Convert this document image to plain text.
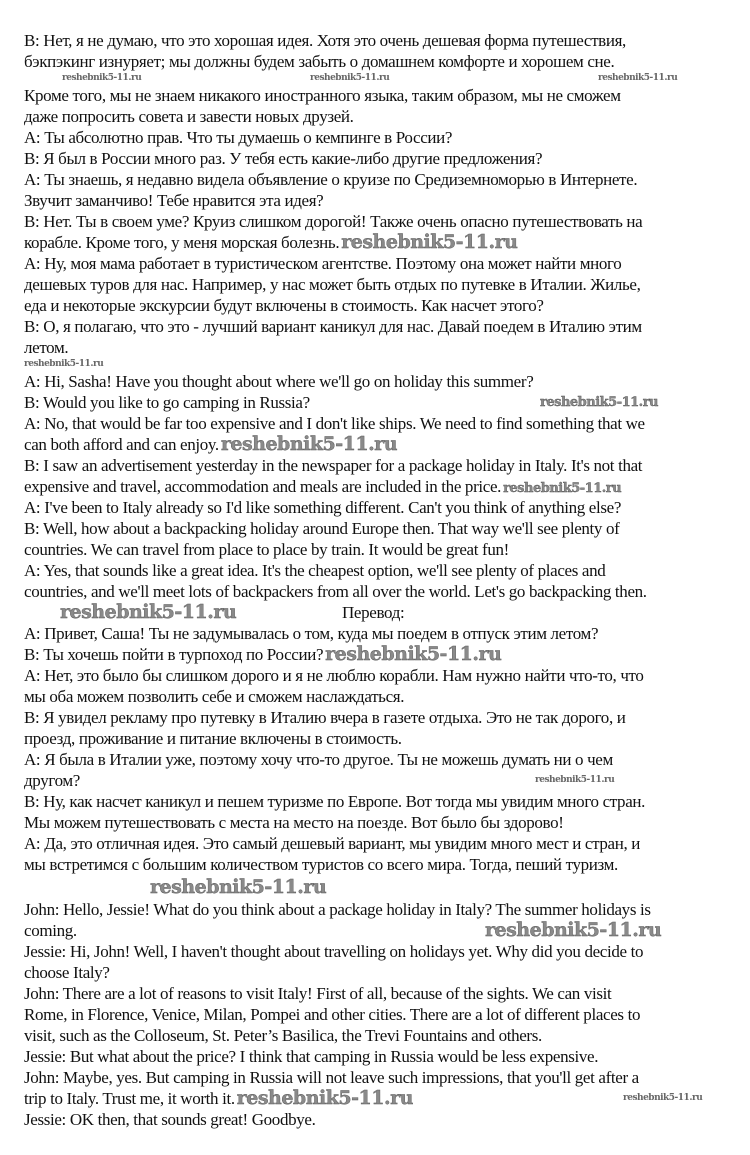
B: Нет, я не думаю, что это хорошая идея. Хотя это очень дешевая форма путешествия,
бэкпэкинг изнуряет; мы должны будем забыть о домашнем комфорте и хорошем сне.
reshebnik5-11.ru	reshebnik5-11.ru	reshebnik5-11.ru
Кроме того, мы не знаем никакого иностранного языка, таким образом, мы не сможем
даже попросить совета и завести новых друзей.
A: Ты абсолютно прав. Что ты думаешь о кемпинге в России?
B: Я был в России много раз. У тебя есть какие-либо другие предложения?
A: Ты знаешь, я недавно видела объявление о круизе по Средиземноморью в Интернете.
Звучит заманчиво! Тебе нравится эта идея?
B: Нет. Ты в своем уме? Круиз слишком дорогой! Также очень опасно путешествовать на
корабле. Кроме того, у меня морская болезнь. reshebnik5-11.ru
A: Ну, моя мама работает в туристическом агентстве. Поэтому она может найти много
дешевых туров для нас. Например, у нас может быть отдых по путевке в Италии. Жилье,
еда и некоторые экскурсии будут включены в стоимость. Как насчет этого?
B: О, я полагаю, что это - лучший вариант каникул для нас. Давай поедем в Италию этим
летом.
reshebnik5-11.ru
A: Hi, Sasha! Have you thought about where we'll go on holiday this summer?
B: Would you like to go camping in Russia?	reshebnik5-11.ru
A: No, that would be far too expensive and I don't like ships. We need to find something that we
can both afford and can enjoy. reshebnik5-11.ru
B: I saw an advertisement yesterday in the newspaper for a package holiday in Italy. It's not that
expensive and travel, accommodation and meals are included in the price. reshebnik5-11.ru
A: I've been to Italy already so I'd like something different. Can't you think of anything else?
B: Well, how about a backpacking holiday around Europe then. That way we'll see plenty of
countries. We can travel from place to place by train. It would be great fun!
A: Yes, that sounds like a great idea. It's the cheapest option, we'll see plenty of places and
countries, and we'll meet lots of backpackers from all over the world. Let's go backpacking then.
reshebnik5-11.ru	Перевод:
A: Привет, Саша! Ты не задумывалась о том, куда мы поедем в отпуск этим летом?
B: Ты хочешь пойти в турпоход по России? reshebnik5-11.ru
A: Нет, это было бы слишком дорого и я не люблю корабли. Нам нужно найти что-то, что
мы оба можем позволить себе и сможем наслаждаться.
B: Я увидел рекламу про путевку в Италию вчера в газете отдыха. Это не так дорого, и
проезд, проживание и питание включены в стоимость.
A: Я была в Италии уже, поэтому хочу что-то другое. Ты не можешь думать ни о чем
другом?	reshebnik5-11.ru
B: Ну, как насчет каникул и пешем туризме по Европе. Вот тогда мы увидим много стран.
Мы можем путешествовать с места на место на поезде. Вот было бы здорово!
A: Да, это отличная идея. Это самый дешевый вариант, мы увидим много мест и стран, и
мы встретимся с большим количеством туристов со всего мира. Тогда, пеший туризм.
reshebnik5-11.ru
John: Hello, Jessie! What do you think about a package holiday in Italy? The summer holidays is
coming.	reshebnik5-11.ru
Jessie: Hi, John! Well, I haven't thought about travelling on holidays yet. Why did you decide to
choose Italy?
John: There are a lot of reasons to visit Italy! First of all, because of the sights. We can visit
Rome, in Florence, Venice, Milan, Pompei and other cities. There are a lot of different places to
visit, such as the Colloseum, St. Peter’s Basilica, the Trevi Fountains and others.
Jessie: But what about the price? I think that camping in Russia would be less expensive.
John: Maybe, yes. But camping in Russia will not leave such impressions, that you'll get after a
trip to Italy. Trust me, it worth it. reshebnik5-11.ru	reshebnik5-11.ru
Jessie: OK then, that sounds great! Goodbye.
